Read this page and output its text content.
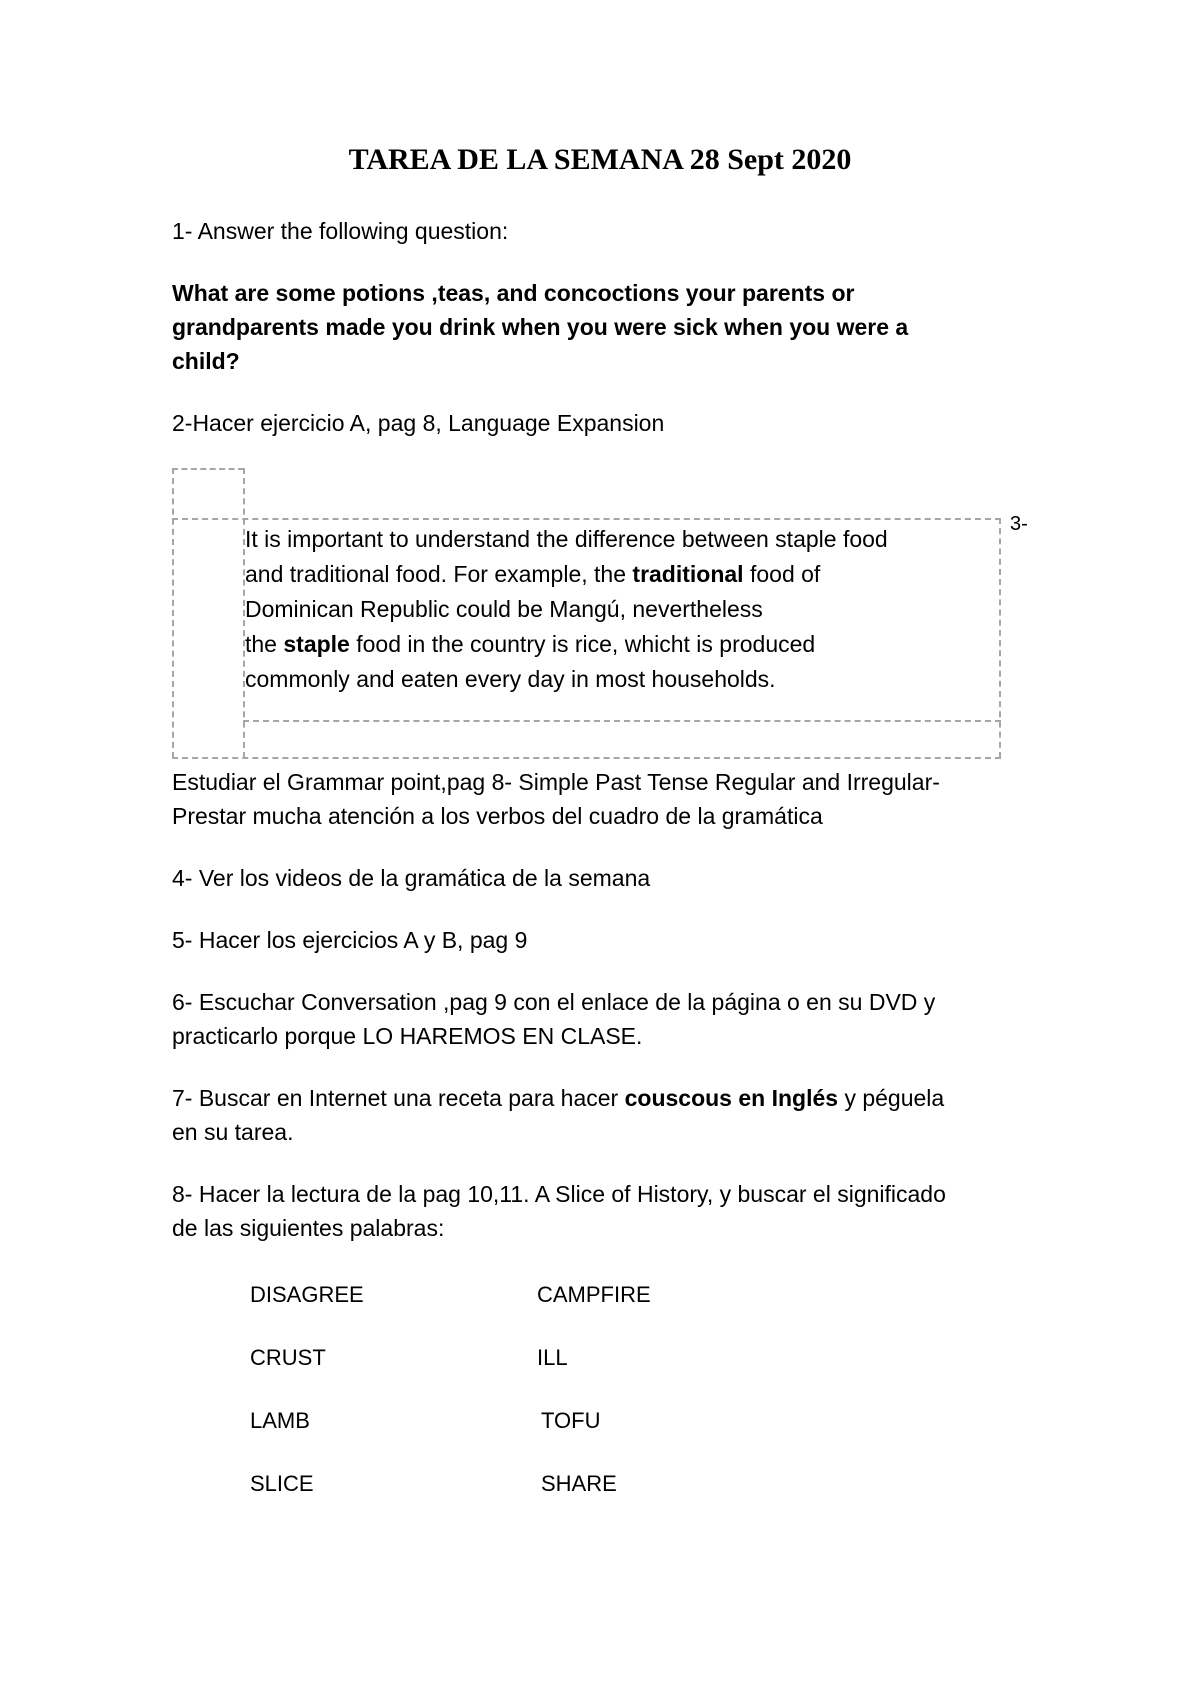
TAREA DE LA SEMANA 28 Sept 2020
1- Answer the following question:
What are some potions ,teas, and concoctions your parents or
grandparents made you drink when you were sick when you were a
child?
2-Hacer ejercicio A, pag 8, Language Expansion
It is important to understand the difference between staple food
and traditional food. For example, the traditional food of
Dominican Republic could be Mangú, nevertheless
the staple food in the country is rice, whicht is produced
commonly and eaten every day in most households.
3-
Estudiar el Grammar point,pag 8- Simple Past Tense Regular and Irregular-
Prestar mucha atención a los verbos del cuadro de la gramática
4- Ver los videos de la gramática de la semana
5- Hacer los ejercicios A y B, pag 9
6- Escuchar Conversation ,pag 9 con el enlace de la página o en su DVD y
practicarlo porque LO HAREMOS EN CLASE.
7- Buscar en Internet una receta para hacer couscous en Inglés y péguela
en su tarea.
8- Hacer la lectura de la pag 10,11. A Slice of History, y buscar el significado
de las siguientes palabras:
DISAGREE	CAMPFIRE
CRUST	ILL
LAMB	TOFU
SLICE	SHARE
